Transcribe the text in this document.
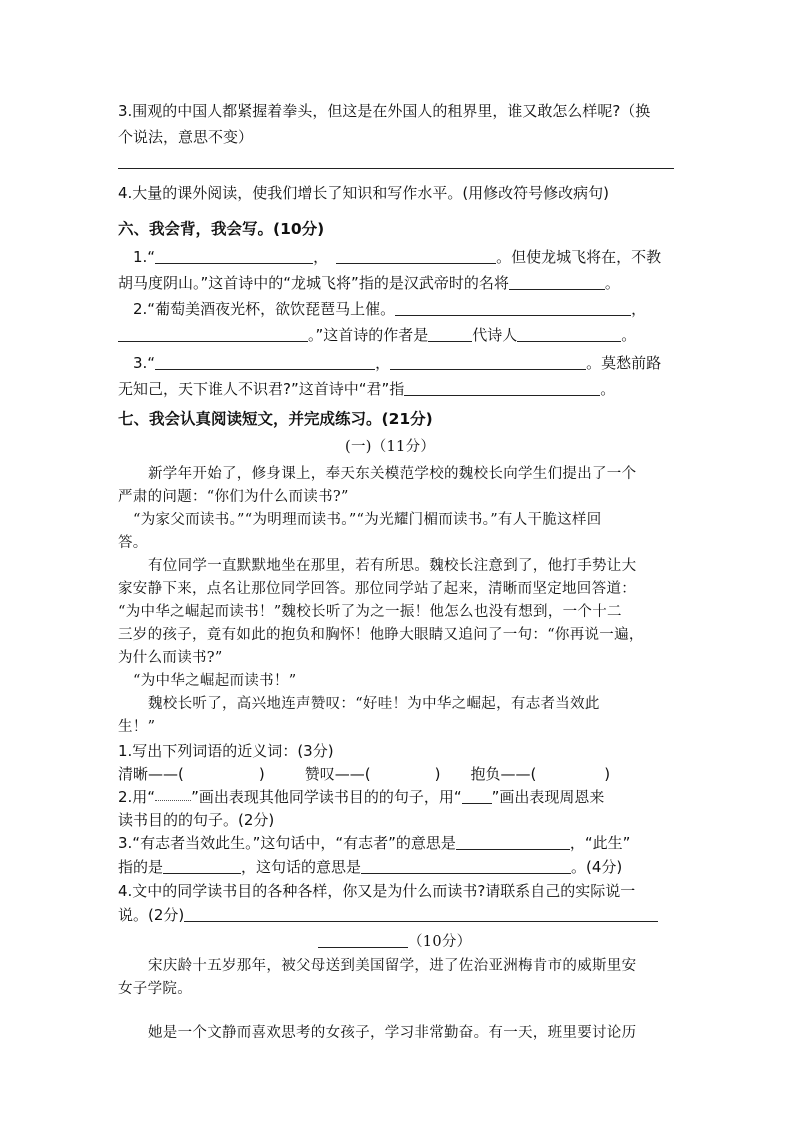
3.围观的中国人都紧握着拳头，但这是在外国人的租界里，谁又敢怎么样呢?（换
个说法，意思不变）
4.大量的课外阅读，使我们增长了知识和写作水平。(用修改符号修改病句)
六、我会背，我会写。(10分)
1.“	，	。但使龙城飞将在，不教
胡马度阴山。”这首诗中的“龙城飞将”指的是汉武帝时的名将	。
2.“葡萄美酒夜光杯，欲饮琵琶马上催。	，
。”这首诗的作者是	代诗人	。
3.“	，	。莫愁前路
无知己，天下谁人不识君?”这首诗中“君”指	。
七、我会认真阅读短文，并完成练习。(21分)
(一)（11分）
新学年开始了，修身课上，奉天东关模范学校的魏校长向学生们提出了一个
严肃的问题：“你们为什么而读书?”
“为家父而读书。”“为明理而读书。”“为光耀门楣而读书。”有人干脆这样回
答。
有位同学一直默默地坐在那里，若有所思。魏校长注意到了，他打手势让大
家安静下来，点名让那位同学回答。那位同学站了起来，清晰而坚定地回答道：
“为中华之崛起而读书！”魏校长听了为之一振！他怎么也没有想到，一个十二
三岁的孩子，竟有如此的抱负和胸怀！他睁大眼睛又追问了一句：“你再说一遍，
为什么而读书?”
“为中华之崛起而读书！”
魏校长听了，高兴地连声赞叹：“好哇！为中华之崛起，有志者当效此
生！”
1.写出下列词语的近义词：(3分)
清晰——(	)	赞叹——(	) 抱负——(	)
2.用“ ”画出表现其他同学读书目的的句子，用“ ”画出表现周恩来
读书目的的句子。(2分)
3.“有志者当效此生。”这句话中，“有志者”的意思是	，“此生”
指的是	，这句话的意思是	。(4分)
4.文中的同学读书目的各种各样，你又是为什么而读书?请联系自己的实际说一
说。(2分)
（10分）
宋庆龄十五岁那年，被父母送到美国留学，进了佐治亚洲梅肯市的威斯里安
女子学院。
她是一个文静而喜欢思考的女孩子，学习非常勤奋。有一天，班里要讨论历
